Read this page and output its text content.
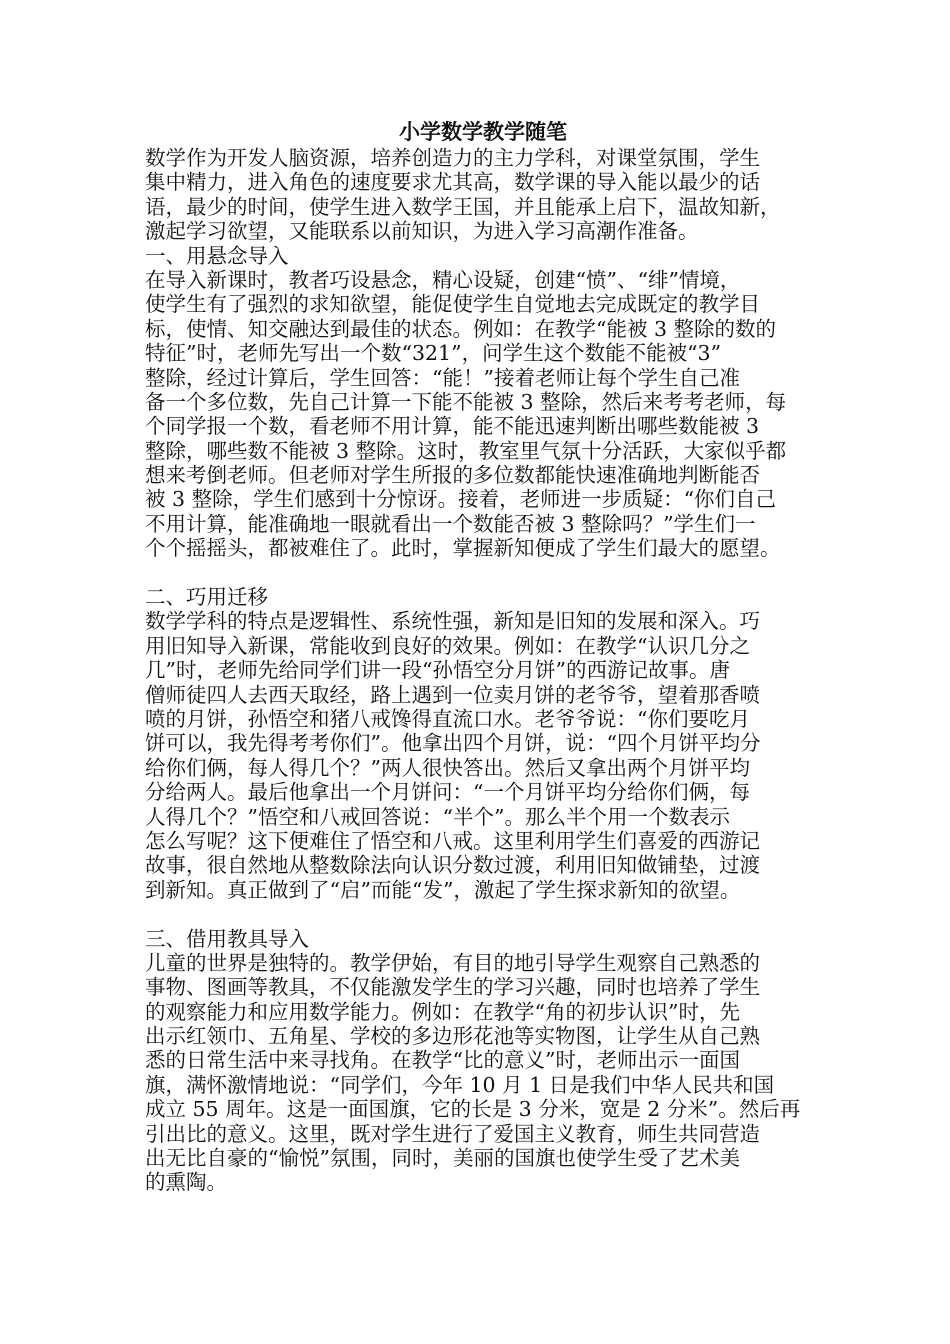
小学数学教学随笔
数学作为开发人脑资源，培养创造力的主力学科，对课堂氛围，学生
集中精力，进入角色的速度要求尤其高，数学课的导入能以最少的话
语，最少的时间，使学生进入数学王国，并且能承上启下，温故知新，
激起学习欲望，又能联系以前知识，为进入学习高潮作准备。
一、用悬念导入
在导入新课时，教者巧设悬念，精心设疑，创建“愤”、“绯”情境，
使学生有了强烈的求知欲望，能促使学生自觉地去完成既定的教学目
标，使情、知交融达到最佳的状态。例如：在教学“能被 3 整除的数的
特征”时，老师先写出一个数“321”，问学生这个数能不能被“3”
整除，经过计算后，学生回答：“能！”接着老师让每个学生自己准
备一个多位数，先自己计算一下能不能被 3 整除，然后来考考老师，每
个同学报一个数，看老师不用计算，能不能迅速判断出哪些数能被 3
整除，哪些数不能被 3 整除。这时，教室里气氛十分活跃，大家似乎都
想来考倒老师。但老师对学生所报的多位数都能快速准确地判断能否
被 3 整除，学生们感到十分惊讶。接着，老师进一步质疑：“你们自己
不用计算，能准确地一眼就看出一个数能否被 3 整除吗？”学生们一
个个摇摇头，都被难住了。此时，掌握新知便成了学生们最大的愿望。
二、巧用迁移
数学学科的特点是逻辑性、系统性强，新知是旧知的发展和深入。巧
用旧知导入新课，常能收到良好的效果。例如：在教学“认识几分之
几”时，老师先给同学们讲一段“孙悟空分月饼”的西游记故事。唐
僧师徒四人去西天取经，路上遇到一位卖月饼的老爷爷，望着那香喷
喷的月饼，孙悟空和猪八戒馋得直流口水。老爷爷说：“你们要吃月
饼可以，我先得考考你们”。他拿出四个月饼，说：“四个月饼平均分
给你们俩，每人得几个？”两人很快答出。然后又拿出两个月饼平均
分给两人。最后他拿出一个月饼问：“一个月饼平均分给你们俩，每
人得几个？”悟空和八戒回答说：“半个”。那么半个用一个数表示
怎么写呢？这下便难住了悟空和八戒。这里利用学生们喜爱的西游记
故事，很自然地从整数除法向认识分数过渡，利用旧知做铺垫，过渡
到新知。真正做到了“启”而能“发”，激起了学生探求新知的欲望。
三、借用教具导入
儿童的世界是独特的。教学伊始，有目的地引导学生观察自己熟悉的
事物、图画等教具，不仅能激发学生的学习兴趣，同时也培养了学生
的观察能力和应用数学能力。例如：在教学“角的初步认识”时，先
出示红领巾、五角星、学校的多边形花池等实物图，让学生从自己熟
悉的日常生活中来寻找角。在教学“比的意义”时，老师出示一面国
旗，满怀激情地说：“同学们，今年 10 月 1 日是我们中华人民共和国
成立 55 周年。这是一面国旗，它的长是 3 分米，宽是 2 分米”。然后再
引出比的意义。这里，既对学生进行了爱国主义教育，师生共同营造
出无比自豪的“愉悦”氛围，同时，美丽的国旗也使学生受了艺术美
的熏陶。
